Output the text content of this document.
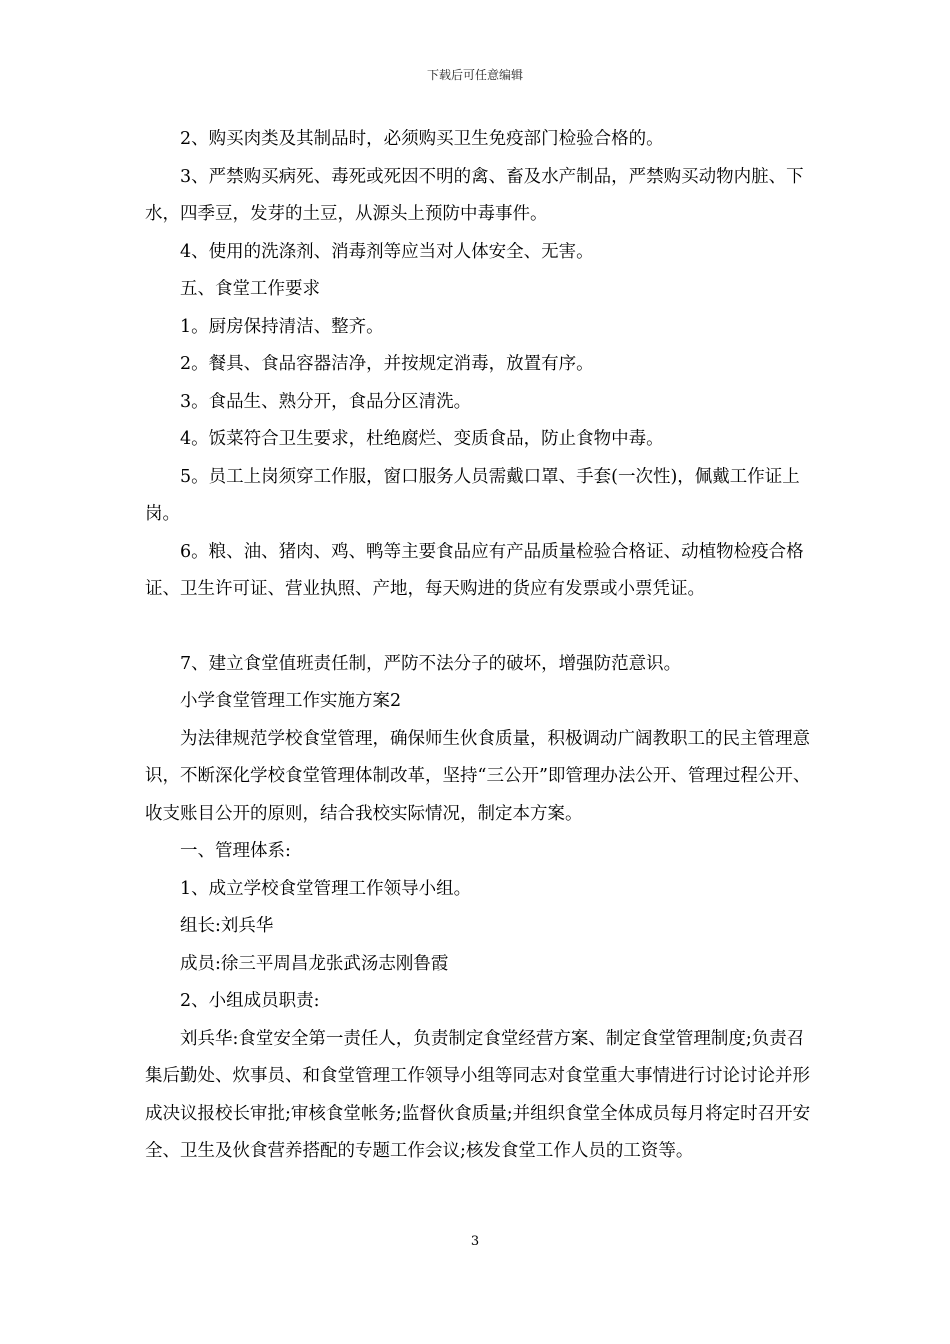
下载后可任意编辑

2、购买肉类及其制品时，必须购买卫生免疫部门检验合格的。

3、严禁购买病死、毒死或死因不明的禽、畜及水产制品，严禁购买动物内脏、下水，四季豆，发芽的土豆，从源头上预防中毒事件。

4、使用的洗涤剂、消毒剂等应当对人体安全、无害。

五、食堂工作要求

1。厨房保持清洁、整齐。

2。餐具、食品容器洁净，并按规定消毒，放置有序。

3。食品生、熟分开，食品分区清洗。

4。饭菜符合卫生要求，杜绝腐烂、变质食品，防止食物中毒。

5。员工上岗须穿工作服，窗口服务人员需戴口罩、手套(一次性)，佩戴工作证上岗。

6。粮、油、猪肉、鸡、鸭等主要食品应有产品质量检验合格证、动植物检疫合格证、卫生许可证、营业执照、产地，每天购进的货应有发票或小票凭证。

7、建立食堂值班责任制，严防不法分子的破坏，增强防范意识。

小学食堂管理工作实施方案2

为法律规范学校食堂管理，确保师生伙食质量，积极调动广阔教职工的民主管理意识，不断深化学校食堂管理体制改革，坚持“三公开”即管理办法公开、管理过程公开、收支账目公开的原则，结合我校实际情况，制定本方案。

一、管理体系:

1、成立学校食堂管理工作领导小组。

组长:刘兵华

成员:徐三平周昌龙张武汤志刚鲁霞

2、小组成员职责:

刘兵华:食堂安全第一责任人，负责制定食堂经营方案、制定食堂管理制度;负责召集后勤处、炊事员、和食堂管理工作领导小组等同志对食堂重大事情进行讨论讨论并形成决议报校长审批;审核食堂帐务;监督伙食质量;并组织食堂全体成员每月将定时召开安全、卫生及伙食营养搭配的专题工作会议;核发食堂工作人员的工资等。

3
